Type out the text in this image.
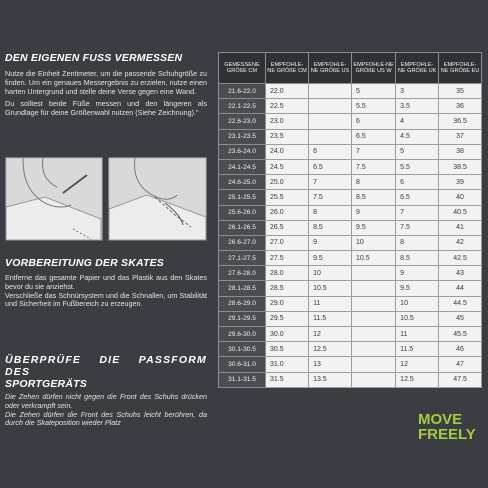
DEN EIGENEN FUSS VERMESSEN

Nutze die Einheit Zentimeter, um die passende Schuhgröße zu finden. Um ein genaues Messergebnis zu erzielen, nutze einen harten Untergrund und stelle deine Verse gegen eine Wand.

Du solltest beide Füße messen und den längeren als Grundlage für deine Größenwahl nutzen (Siehe Zeichnung)."

VORBEREITUNG DER SKATES

Entferne das gesamte Papier und das Plastik aus den Skates bevor du sie anziehst.

Verschließe das Schnürsystem und die Schnallen, um Stabilität und Sicherheit im Fußbereich zu erzeugen.

ÜBERPRÜFE DIE PASSFORM DES
SPORTGERÄTS

Die Zehen dürfen nicht gegen die Front des Schuhs drücken oder verkrampft sein.

Die Zehen dürfen die Front des Schuhs leicht berühren, da durch die Skateposition wieder Platz

GEMESSENE GRÖßE CM	EMPFOHLE-NE GRÖßE CM	EMPFOHLE-NE GRÖßE US	EMPFOHLE-NE GRÖßE US W	EMPFOHLE-NE GRÖßE UK	EMPFOHLE-NE GRÖßE EU
21.6-22.0	22.0		5	3	35
22.1-22.5	22.5		5.5	3.5	36
22.6-23.0	23.0		6	4	36.5
23.1-23.5	23.5		6.5	4.5	37
23.6-24.0	24.0	6	7	5	38
24.1-24.5	24.5	6.5	7.5	5.5	38.5
24.6-25.0	25.0	7	8	6	39
25.1-25.5	25.5	7.5	8.5	6.5	40
25.6-26.0	26.0	8	9	7	40.5
26.1-26.5	26.5	8.5	9.5	7.5	41
26.6-27.0	27.0	9	10	8	42
27.1-27.5	27.5	9.5	10.5	8.5	42.5
27.6-28.0	28.0	10		9	43
28.1-28.5	28.5	10.5		9.5	44
28.6-29.0	29.0	11		10	44.5
29.1-29.5	29.5	11.5		10.5	45
29.6-30.0	30.0	12		11	45.5
30.1-30.5	30.5	12.5		11.5	46
30.6-31.0	31.0	13		12	47
31.1-31.5	31.5	13.5		12.5	47.5
MOVE
FREELY
